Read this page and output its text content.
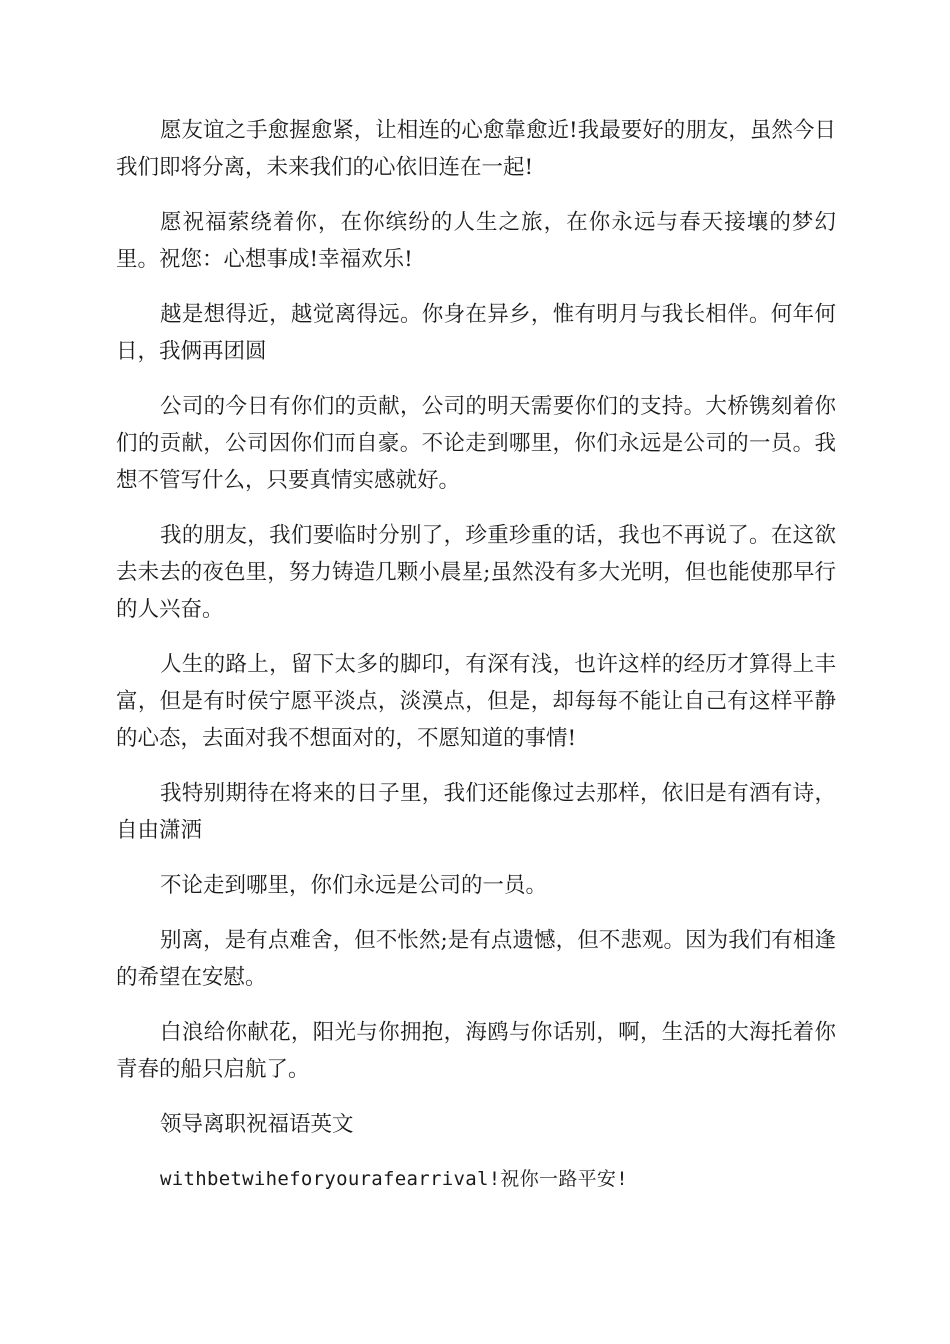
愿友谊之手愈握愈紧，让相连的心愈靠愈近!我最要好的朋友，虽然今日我们即将分离，未来我们的心依旧连在一起!

愿祝福萦绕着你，在你缤纷的人生之旅，在你永远与春天接壤的梦幻里。祝您：心想事成!幸福欢乐!

越是想得近，越觉离得远。你身在异乡，惟有明月与我长相伴。何年何日，我俩再团圆

公司的今日有你们的贡献，公司的明天需要你们的支持。大桥镌刻着你们的贡献，公司因你们而自豪。不论走到哪里，你们永远是公司的一员。我想不管写什么，只要真情实感就好。

我的朋友，我们要临时分别了，珍重珍重的话，我也不再说了。在这欲去未去的夜色里，努力铸造几颗小晨星;虽然没有多大光明，但也能使那早行的人兴奋。

人生的路上，留下太多的脚印，有深有浅，也许这样的经历才算得上丰富，但是有时侯宁愿平淡点，淡漠点，但是，却每每不能让自己有这样平静的心态，去面对我不想面对的，不愿知道的事情!

我特别期待在将来的日子里，我们还能像过去那样，依旧是有酒有诗，自由潇洒

不论走到哪里，你们永远是公司的一员。

别离，是有点难舍，但不怅然;是有点遗憾，但不悲观。因为我们有相逢的希望在安慰。

白浪给你献花，阳光与你拥抱，海鸥与你话别，啊，生活的大海托着你青春的船只启航了。

领导离职祝福语英文

withbetwiheforyourafearrival!祝你一路平安!
